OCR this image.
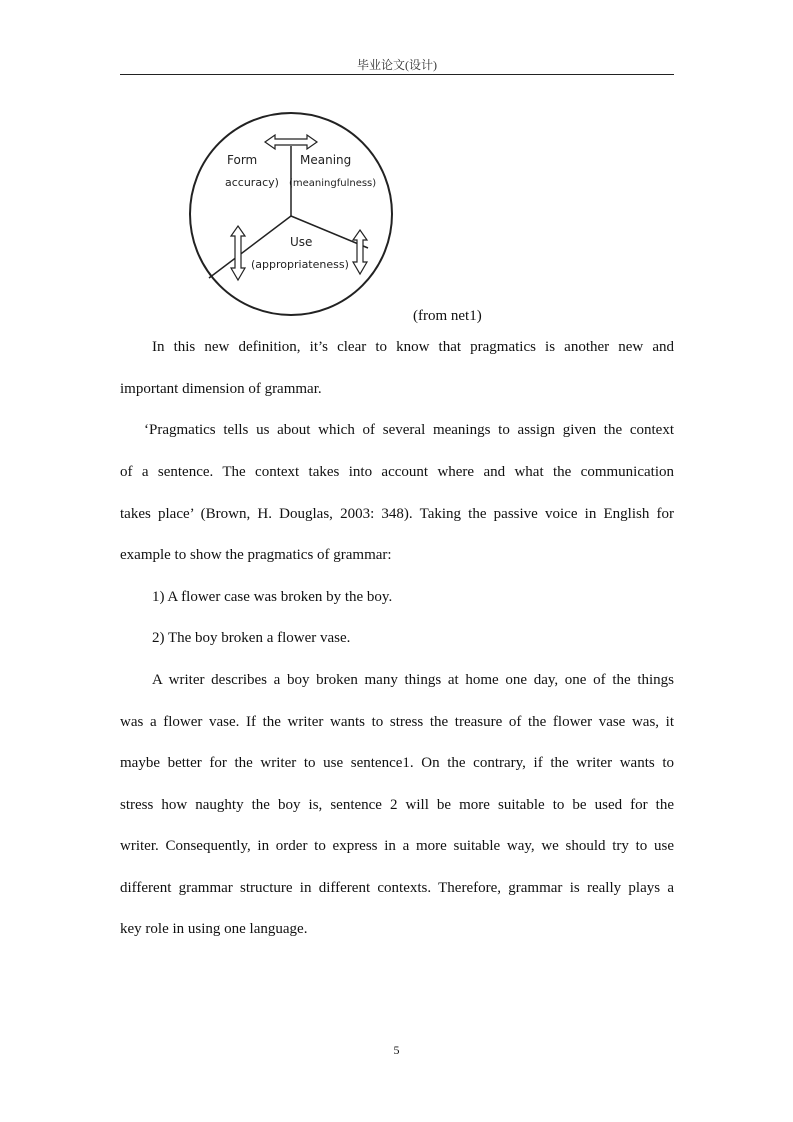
毕业论文(设计)
Form
accuracy)
Meaning
(meaningfulness)
Use
(appropriateness)
(from net1)
In this new definition, it’s clear to know that pragmatics is another new and
important dimension of grammar.
‘Pragmatics tells us about which of several meanings to assign given the context
of a sentence. The context takes into account where and what the communication
takes place’ (Brown, H. Douglas, 2003: 348). Taking the passive voice in English for
example to show the pragmatics of grammar:
1) A flower case was broken by the boy.
2) The boy broken a flower vase.
A writer describes a boy broken many things at home one day, one of the things
was a flower vase. If the writer wants to stress the treasure of the flower vase was, it
maybe better for the writer to use sentence1. On the contrary, if the writer wants to
stress how naughty the boy is, sentence 2 will be more suitable to be used for the
writer. Consequently, in order to express in a more suitable way, we should try to use
different grammar structure in different contexts. Therefore, grammar is really plays a
key role in using one language.
5
